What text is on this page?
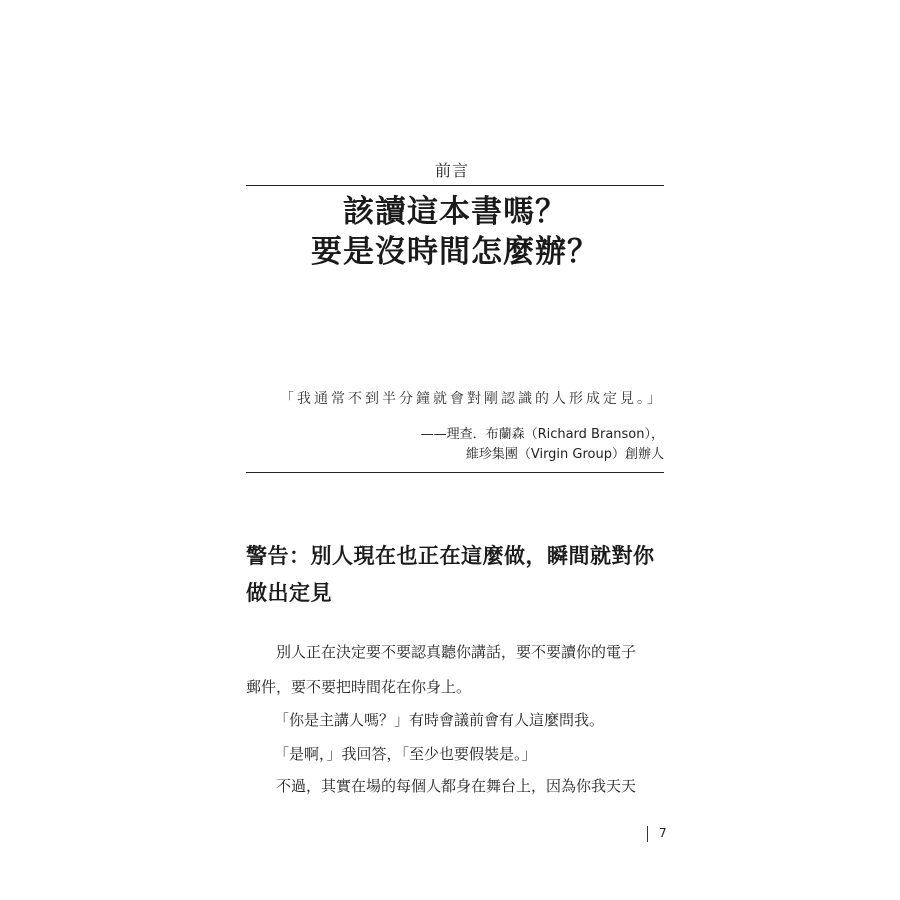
前言
該讀這本書嗎？
要是沒時間怎麼辦？
「我通常不到半分鐘就會對剛認識的人形成定見。」
——理查．布蘭森（Richard Branson），
維珍集團（Virgin Group）創辦人
警告：別人現在也正在這麼做，瞬間就對你
做出定見
別人正在決定要不要認真聽你講話，要不要讀你的電子
郵件，要不要把時間花在你身上。
「你是主講人嗎？」有時會議前會有人這麼問我。
「是啊，」我回答，「至少也要假裝是。」
不過，其實在場的每個人都身在舞台上，因為你我天天
7
